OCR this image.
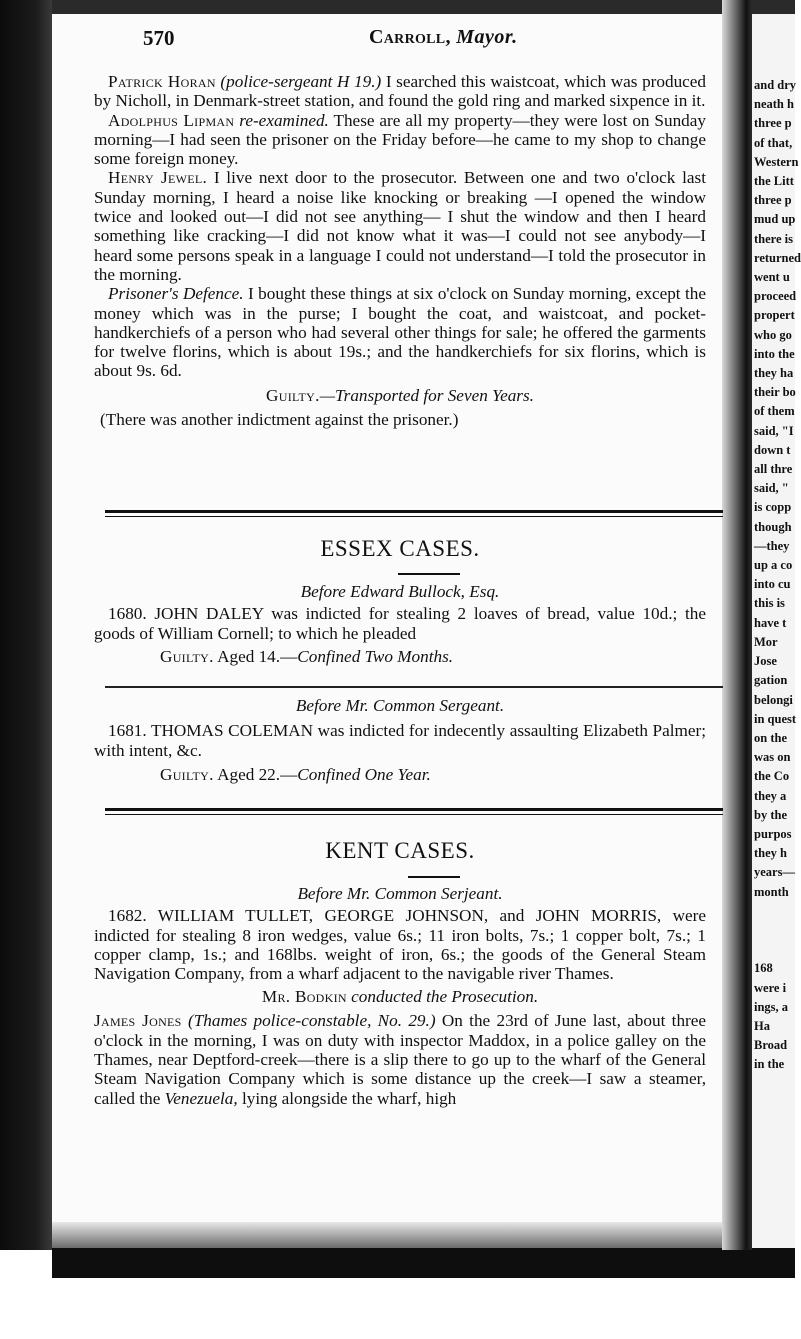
and dry
neath h
three p
of that,
Western
the Litt
three p
mud up
there is
returned
went u
proceed
propert
who go
into the
they ha
their bo
of them
said, "I
down t
all thre
said, "
is copp
though
—they
up a co
into cu
this is
have t
Mor
Jose
gation
belongi
in quest
on the
was on
the Co
they a
by the
purpos
they h
years—
month

168
were i
ings, a
Ha
Broad
in the
570	Carroll, Mayor.

Patrick Horan (police-sergeant H 19.) I searched this waistcoat, which was produced by Nicholl, in Denmark-street station, and found the gold ring and marked sixpence in it.

Adolphus Lipman re-examined. These are all my property—they were lost on Sunday morning—I had seen the prisoner on the Friday before—he came to my shop to change some foreign money.

Henry Jewel. I live next door to the prosecutor. Between one and two o'clock last Sunday morning, I heard a noise like knocking or breaking —I opened the window twice and looked out—I did not see anything— I shut the window and then I heard something like cracking—I did not know what it was—I could not see anybody—I heard some persons speak in a language I could not understand—I told the prosecutor in the morning.

Prisoner's Defence. I bought these things at six o'clock on Sunday morning, except the money which was in the purse; I bought the coat, and waistcoat, and pocket-handkerchiefs of a person who had several other things for sale; he offered the garments for twelve florins, which is about 19s.; and the handkerchiefs for six florins, which is about 9s. 6d.

Guilty.—Transported for Seven Years.
(There was another indictment against the prisoner.)
ESSEX CASES.
Before Edward Bullock, Esq.

1680. JOHN DALEY was indicted for stealing 2 loaves of bread, value 10d.; the goods of William Cornell; to which he pleaded

Guilty. Aged 14.—Confined Two Months.
Before Mr. Common Sergeant.

1681. THOMAS COLEMAN was indicted for indecently assaulting Elizabeth Palmer; with intent, &c.

Guilty. Aged 22.—Confined One Year.
KENT CASES.
Before Mr. Common Serjeant.

1682. WILLIAM TULLET, GEORGE JOHNSON, and JOHN MORRIS, were indicted for stealing 8 iron wedges, value 6s.; 11 iron bolts, 7s.; 1 copper bolt, 7s.; 1 copper clamp, 1s.; and 168lbs. weight of iron, 6s.; the goods of the General Steam Navigation Company, from a wharf adjacent to the navigable river Thames.

Mr. Bodkin conducted the Prosecution.

James Jones (Thames police-constable, No. 29.) On the 23rd of June last, about three o'clock in the morning, I was on duty with inspector Maddox, in a police galley on the Thames, near Deptford-creek—there is a slip there to go up to the wharf of the General Steam Navigation Company which is some distance up the creek—I saw a steamer, called the Venezuela, lying alongside the wharf, high
